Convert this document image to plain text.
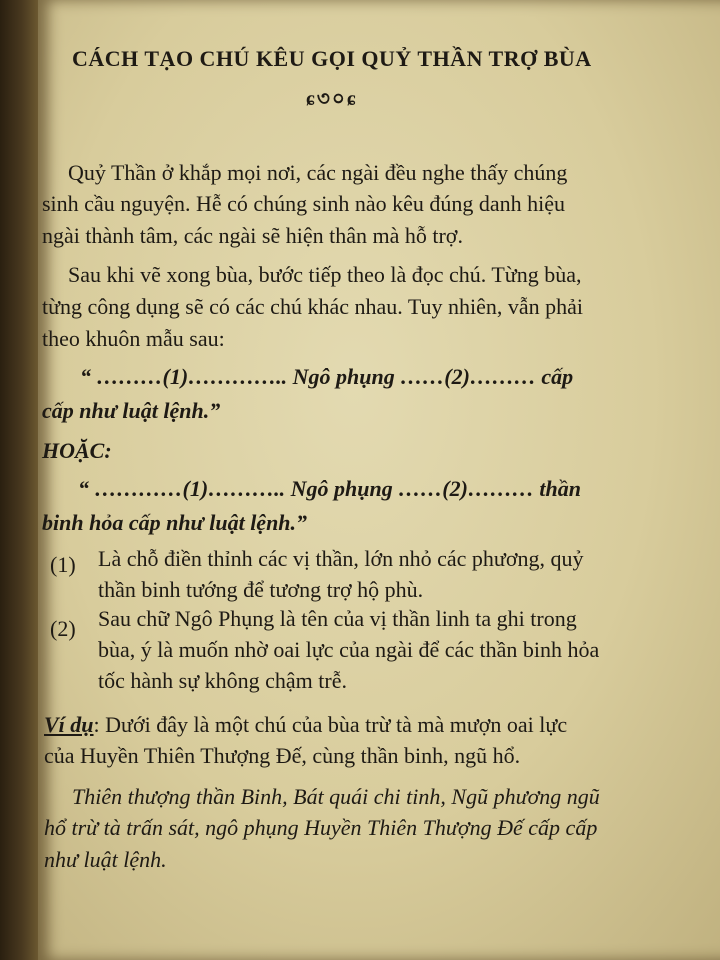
CÁCH TẠO CHÚ KÊU GỌI QUỶ THẦN TRỢ BÙA
ɕ৩০ɕ
Quỷ Thần ở khắp mọi nơi, các ngài đều nghe thấy chúng
sinh cầu nguyện. Hễ có chúng sinh nào kêu đúng danh hiệu
ngài thành tâm, các ngài sẽ hiện thân mà hỗ trợ.
Sau khi vẽ xong bùa, bước tiếp theo là đọc chú. Từng bùa,
từng công dụng sẽ có các chú khác nhau. Tuy nhiên, vẫn phải
theo khuôn mẫu sau:
“ ………(1)………….. Ngô phụng ……(2)……… cấp
cấp như luật lệnh.”
HOẶC:
“ …………(1)……….. Ngô phụng ……(2)……… thần
binh hỏa cấp như luật lệnh.”
(1) Là chỗ điền thỉnh các vị thần, lớn nhỏ các phương, quỷ
thần binh tướng để tương trợ hộ phù.
(2) Sau chữ Ngô Phụng là tên của vị thần linh ta ghi trong
bùa, ý là muốn nhờ oai lực của ngài để các thần binh hỏa
tốc hành sự không chậm trễ.
Ví dụ: Dưới đây là một chú của bùa trừ tà mà mượn oai lực
của Huyền Thiên Thượng Đế, cùng thần binh, ngũ hổ.
Thiên thượng thần Binh, Bát quái chi tinh, Ngũ phương ngũ
hổ trừ tà trấn sát, ngô phụng Huyền Thiên Thượng Đế cấp cấp
như luật lệnh.
